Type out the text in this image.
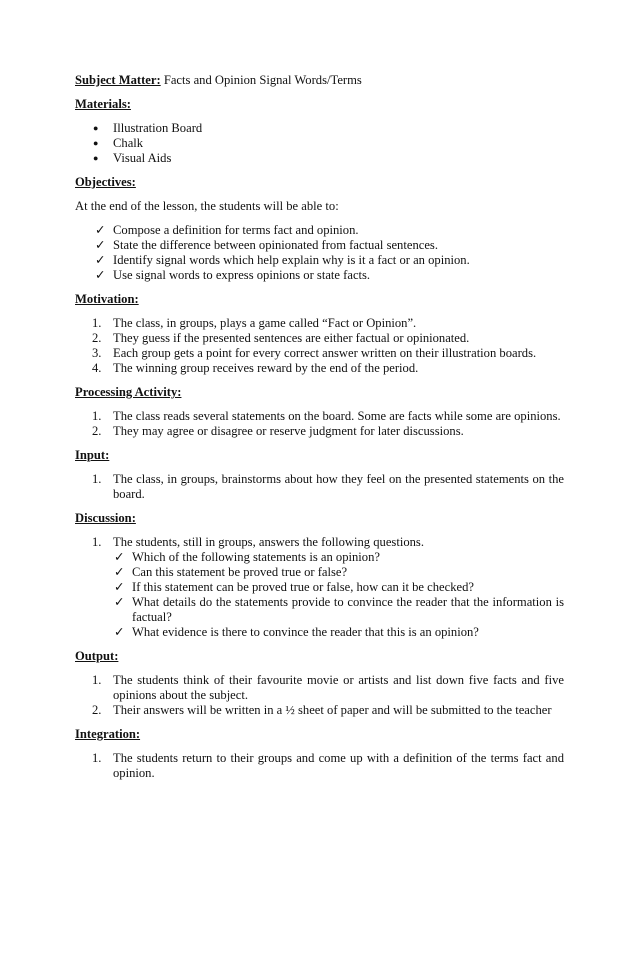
Subject Matter: Facts and Opinion Signal Words/Terms

Materials:

● Illustration Board
● Chalk
● Visual Aids

Objectives:

At the end of the lesson, the students will be able to:

✓ Compose a definition for terms fact and opinion.
✓ State the difference between opinionated from factual sentences.
✓ Identify signal words which help explain why is it a fact or an opinion.
✓ Use signal words to express opinions or state facts.

Motivation:

1. The class, in groups, plays a game called “Fact or Opinion”.
2. They guess if the presented sentences are either factual or opinionated.
3. Each group gets a point for every correct answer written on their illustration boards.
4. The winning group receives reward by the end of the period.

Processing Activity:

1. The class reads several statements on the board. Some are facts while some are opinions.
2. They may agree or disagree or reserve judgment for later discussions.

Input:

1. The class, in groups, brainstorms about how they feel on the presented statements on the board.

Discussion:

1. The students, still in groups, answers the following questions.
✓ Which of the following statements is an opinion?
✓ Can this statement be proved true or false?
✓ If this statement can be proved true or false, how can it be checked?
✓ What details do the statements provide to convince the reader that the information is factual?
✓ What evidence is there to convince the reader that this is an opinion?

Output:

1. The students think of their favourite movie or artists and list down five facts and five opinions about the subject.
2. Their answers will be written in a ½ sheet of paper and will be submitted to the teacher

Integration:

1. The students return to their groups and come up with a definition of the terms fact and opinion.
